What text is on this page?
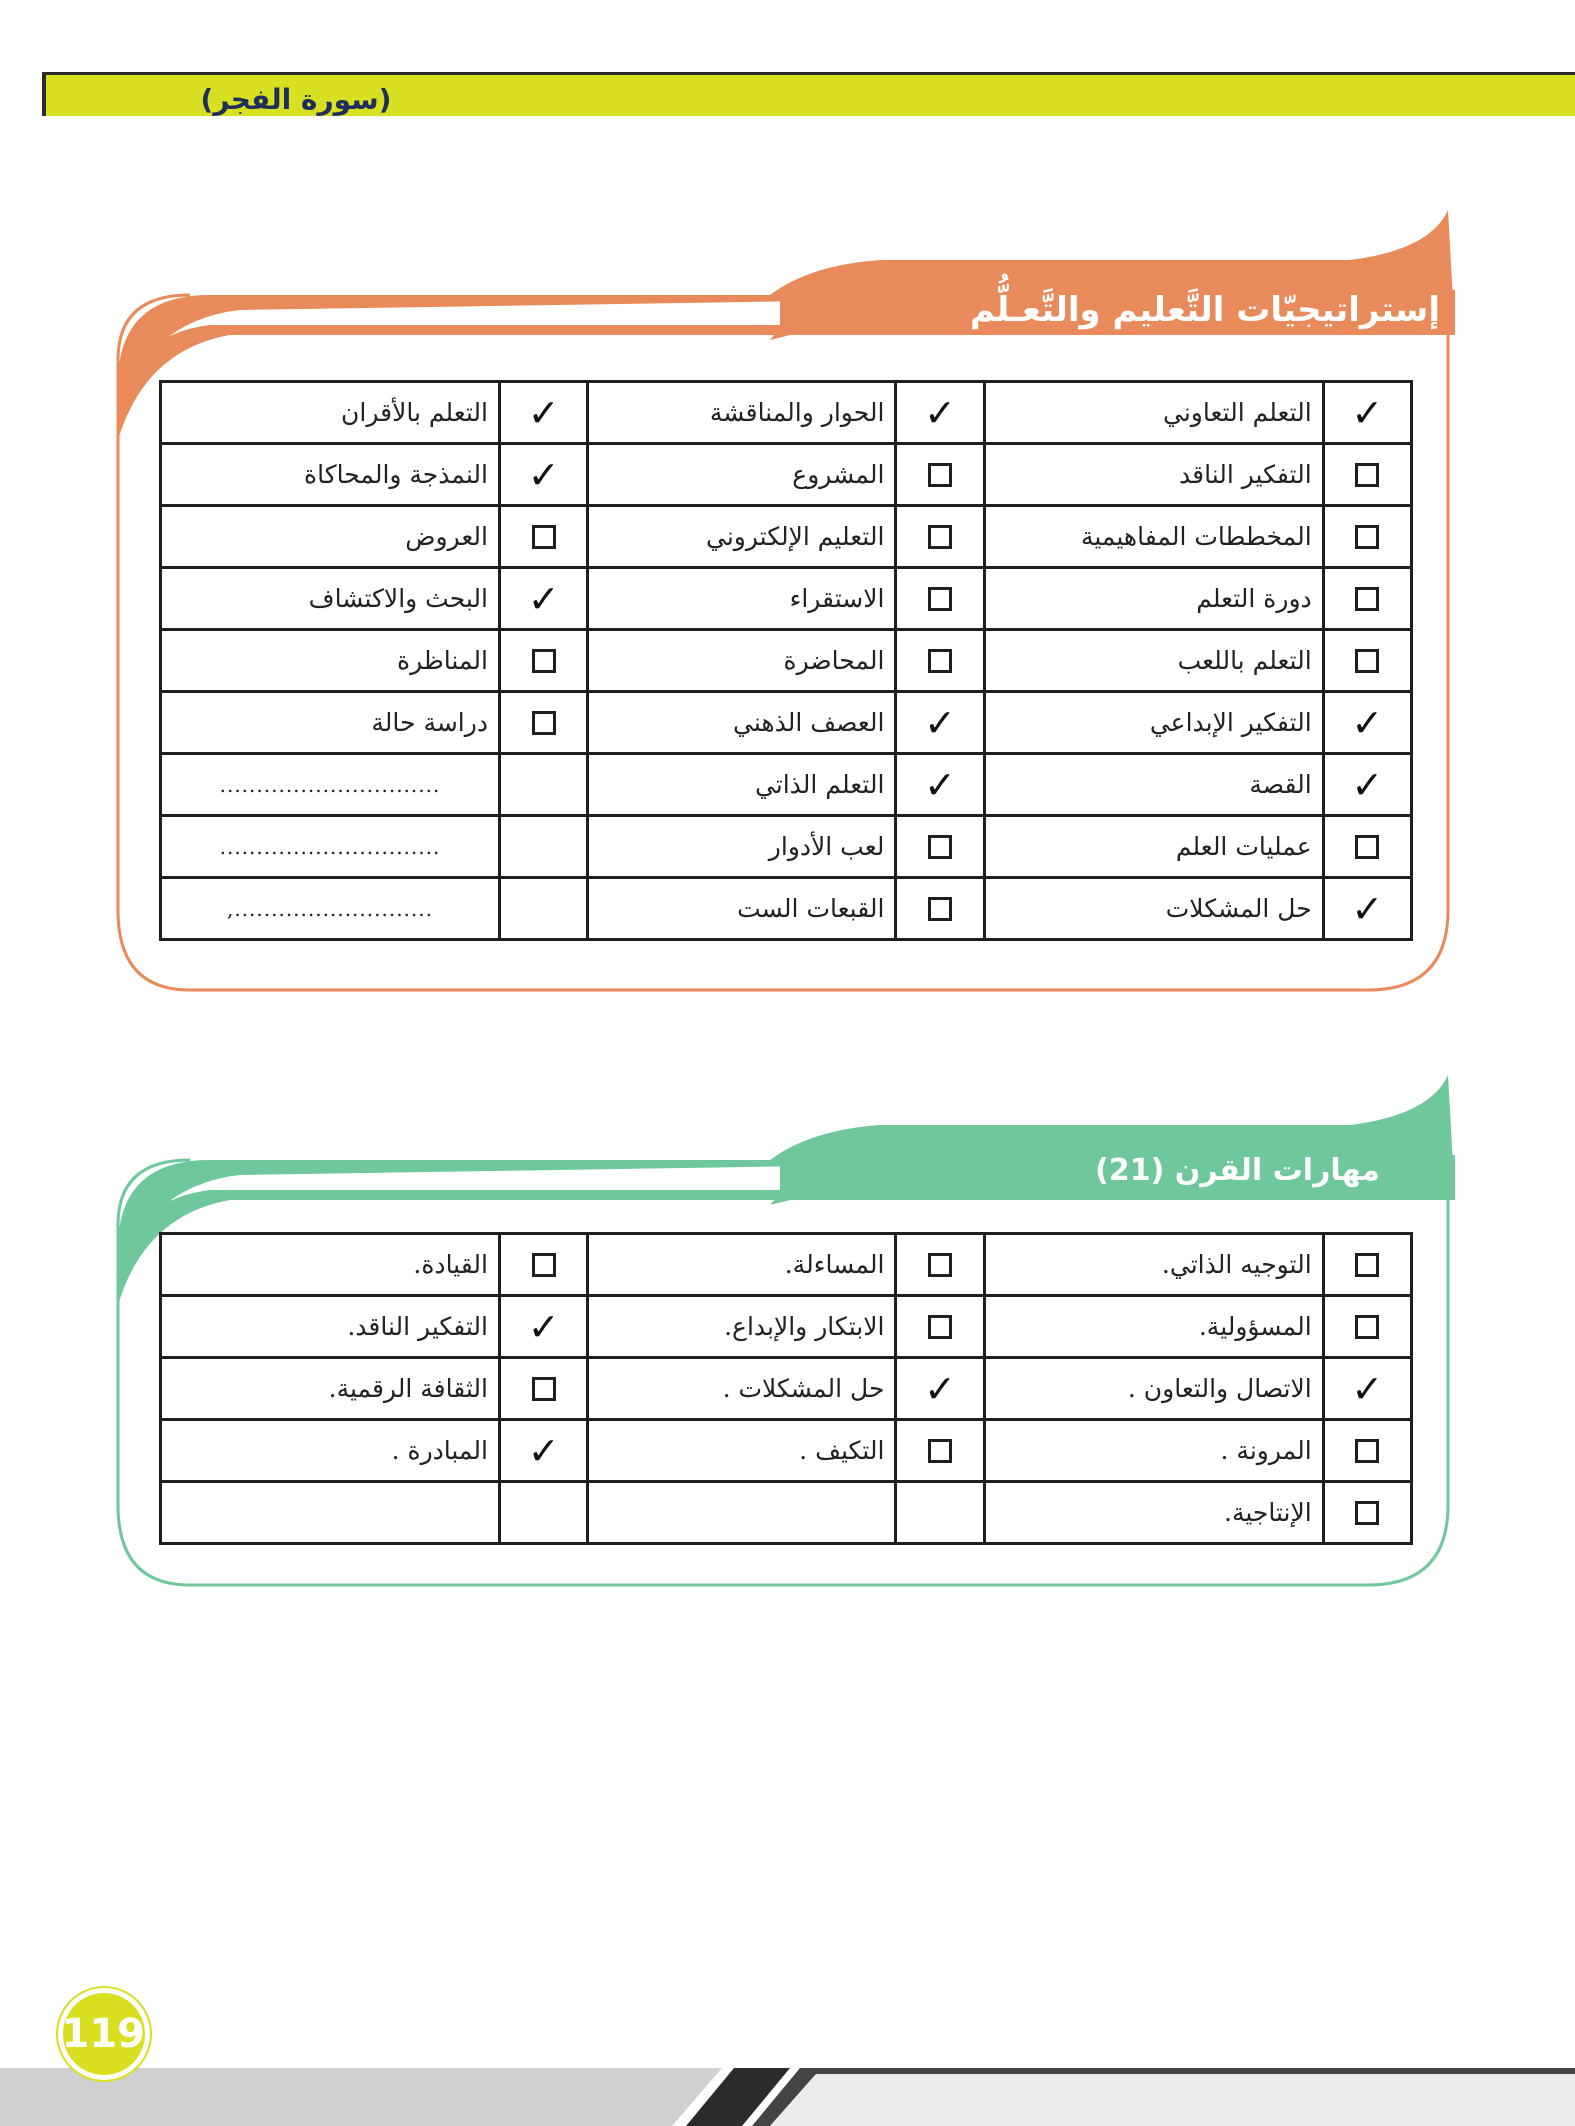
(سورة الفجر)
إستراتيجيّات التَّعليم والتَّعـلُّم
✓	التعلم التعاوني	✓	الحوار والمناقشة	✓	التعلم بالأقران
	التفكير الناقد		المشروع	✓	النمذجة والمحاكاة
	المخططات المفاهيمية		التعليم الإلكتروني		العروض
	دورة التعلم		الاستقراء	✓	البحث والاكتشاف
	التعلم باللعب		المحاضرة		المناظرة
✓	التفكير الإبداعي	✓	العصف الذهني		دراسة حالة
✓	القصة	✓	التعلم الذاتي		..............................
	عمليات العلم		لعب الأدوار		..............................
✓	حل المشكلات		القبعات الست		...........................,
مهارات القرن (21)
	التوجيه الذاتي.		المساءلة.		القيادة.
	المسؤولية.		الابتكار والإبداع.	✓	التفكير الناقد.
✓	الاتصال والتعاون .	✓	حل المشكلات .		الثقافة الرقمية.
	المرونة .		التكيف .	✓	المبادرة .
	الإنتاجية.				
119
